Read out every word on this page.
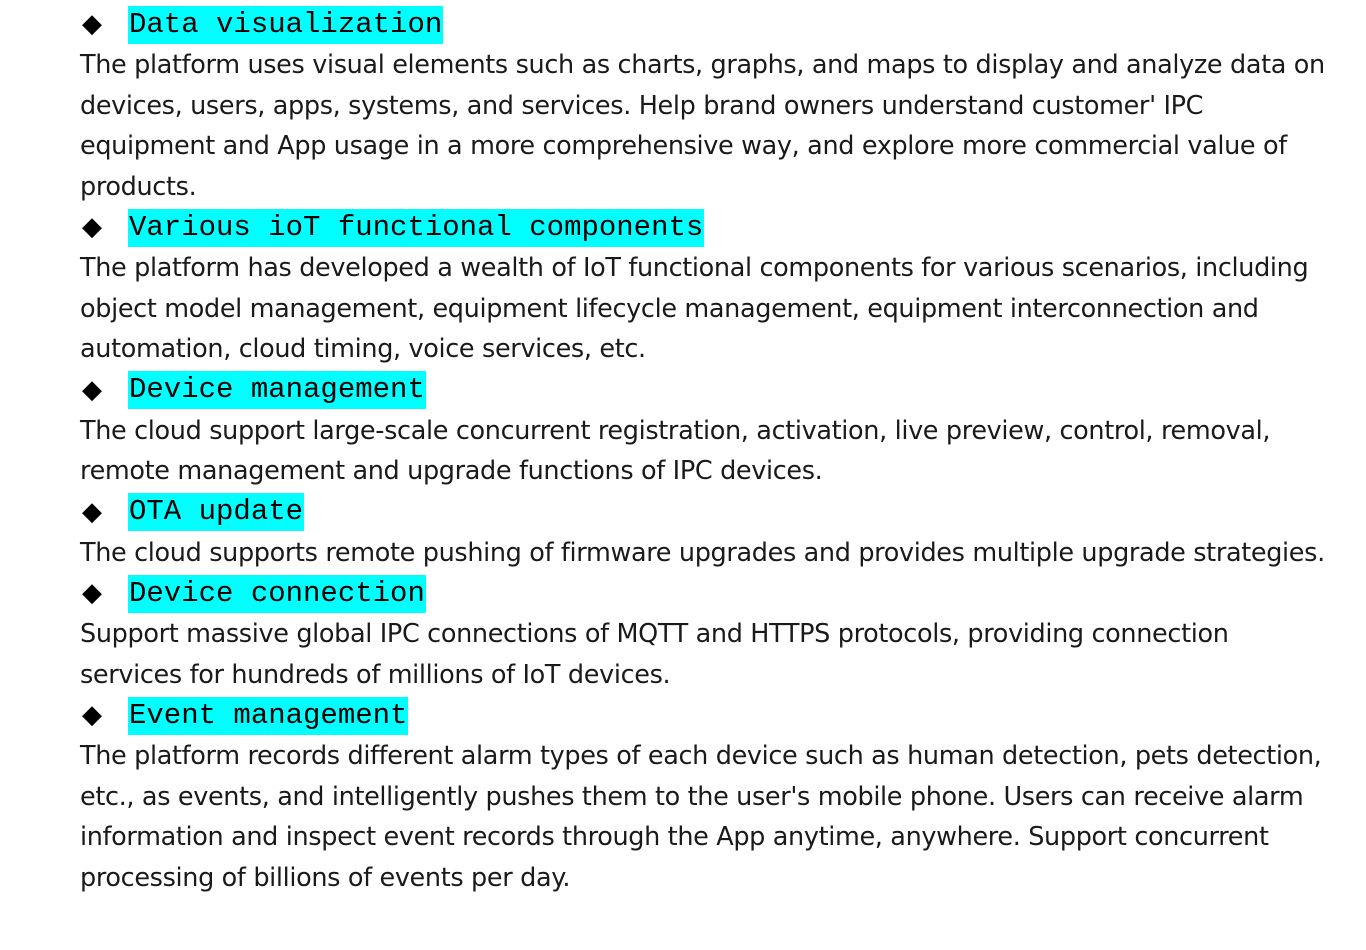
◆ Data visualization

The platform uses visual elements such as charts, graphs, and maps to display and analyze data on devices, users, apps, systems, and services. Help brand owners understand customer' IPC equipment and App usage in a more comprehensive way, and explore more commercial value of products.

◆ Various ioT functional components

The platform has developed a wealth of IoT functional components for various scenarios, including object model management, equipment lifecycle management, equipment interconnection and automation, cloud timing, voice services, etc.

◆ Device management

The cloud support large-scale concurrent registration, activation, live preview, control, removal, remote management and upgrade functions of IPC devices.

◆ OTA update

The cloud supports remote pushing of firmware upgrades and provides multiple upgrade strategies.

◆ Device connection

Support massive global IPC connections of MQTT and HTTPS protocols, providing connection services for hundreds of millions of IoT devices.

◆ Event management

The platform records different alarm types of each device such as human detection, pets detection, etc., as events, and intelligently pushes them to the user's mobile phone. Users can receive alarm information and inspect event records through the App anytime, anywhere. Support concurrent processing of billions of events per day.
